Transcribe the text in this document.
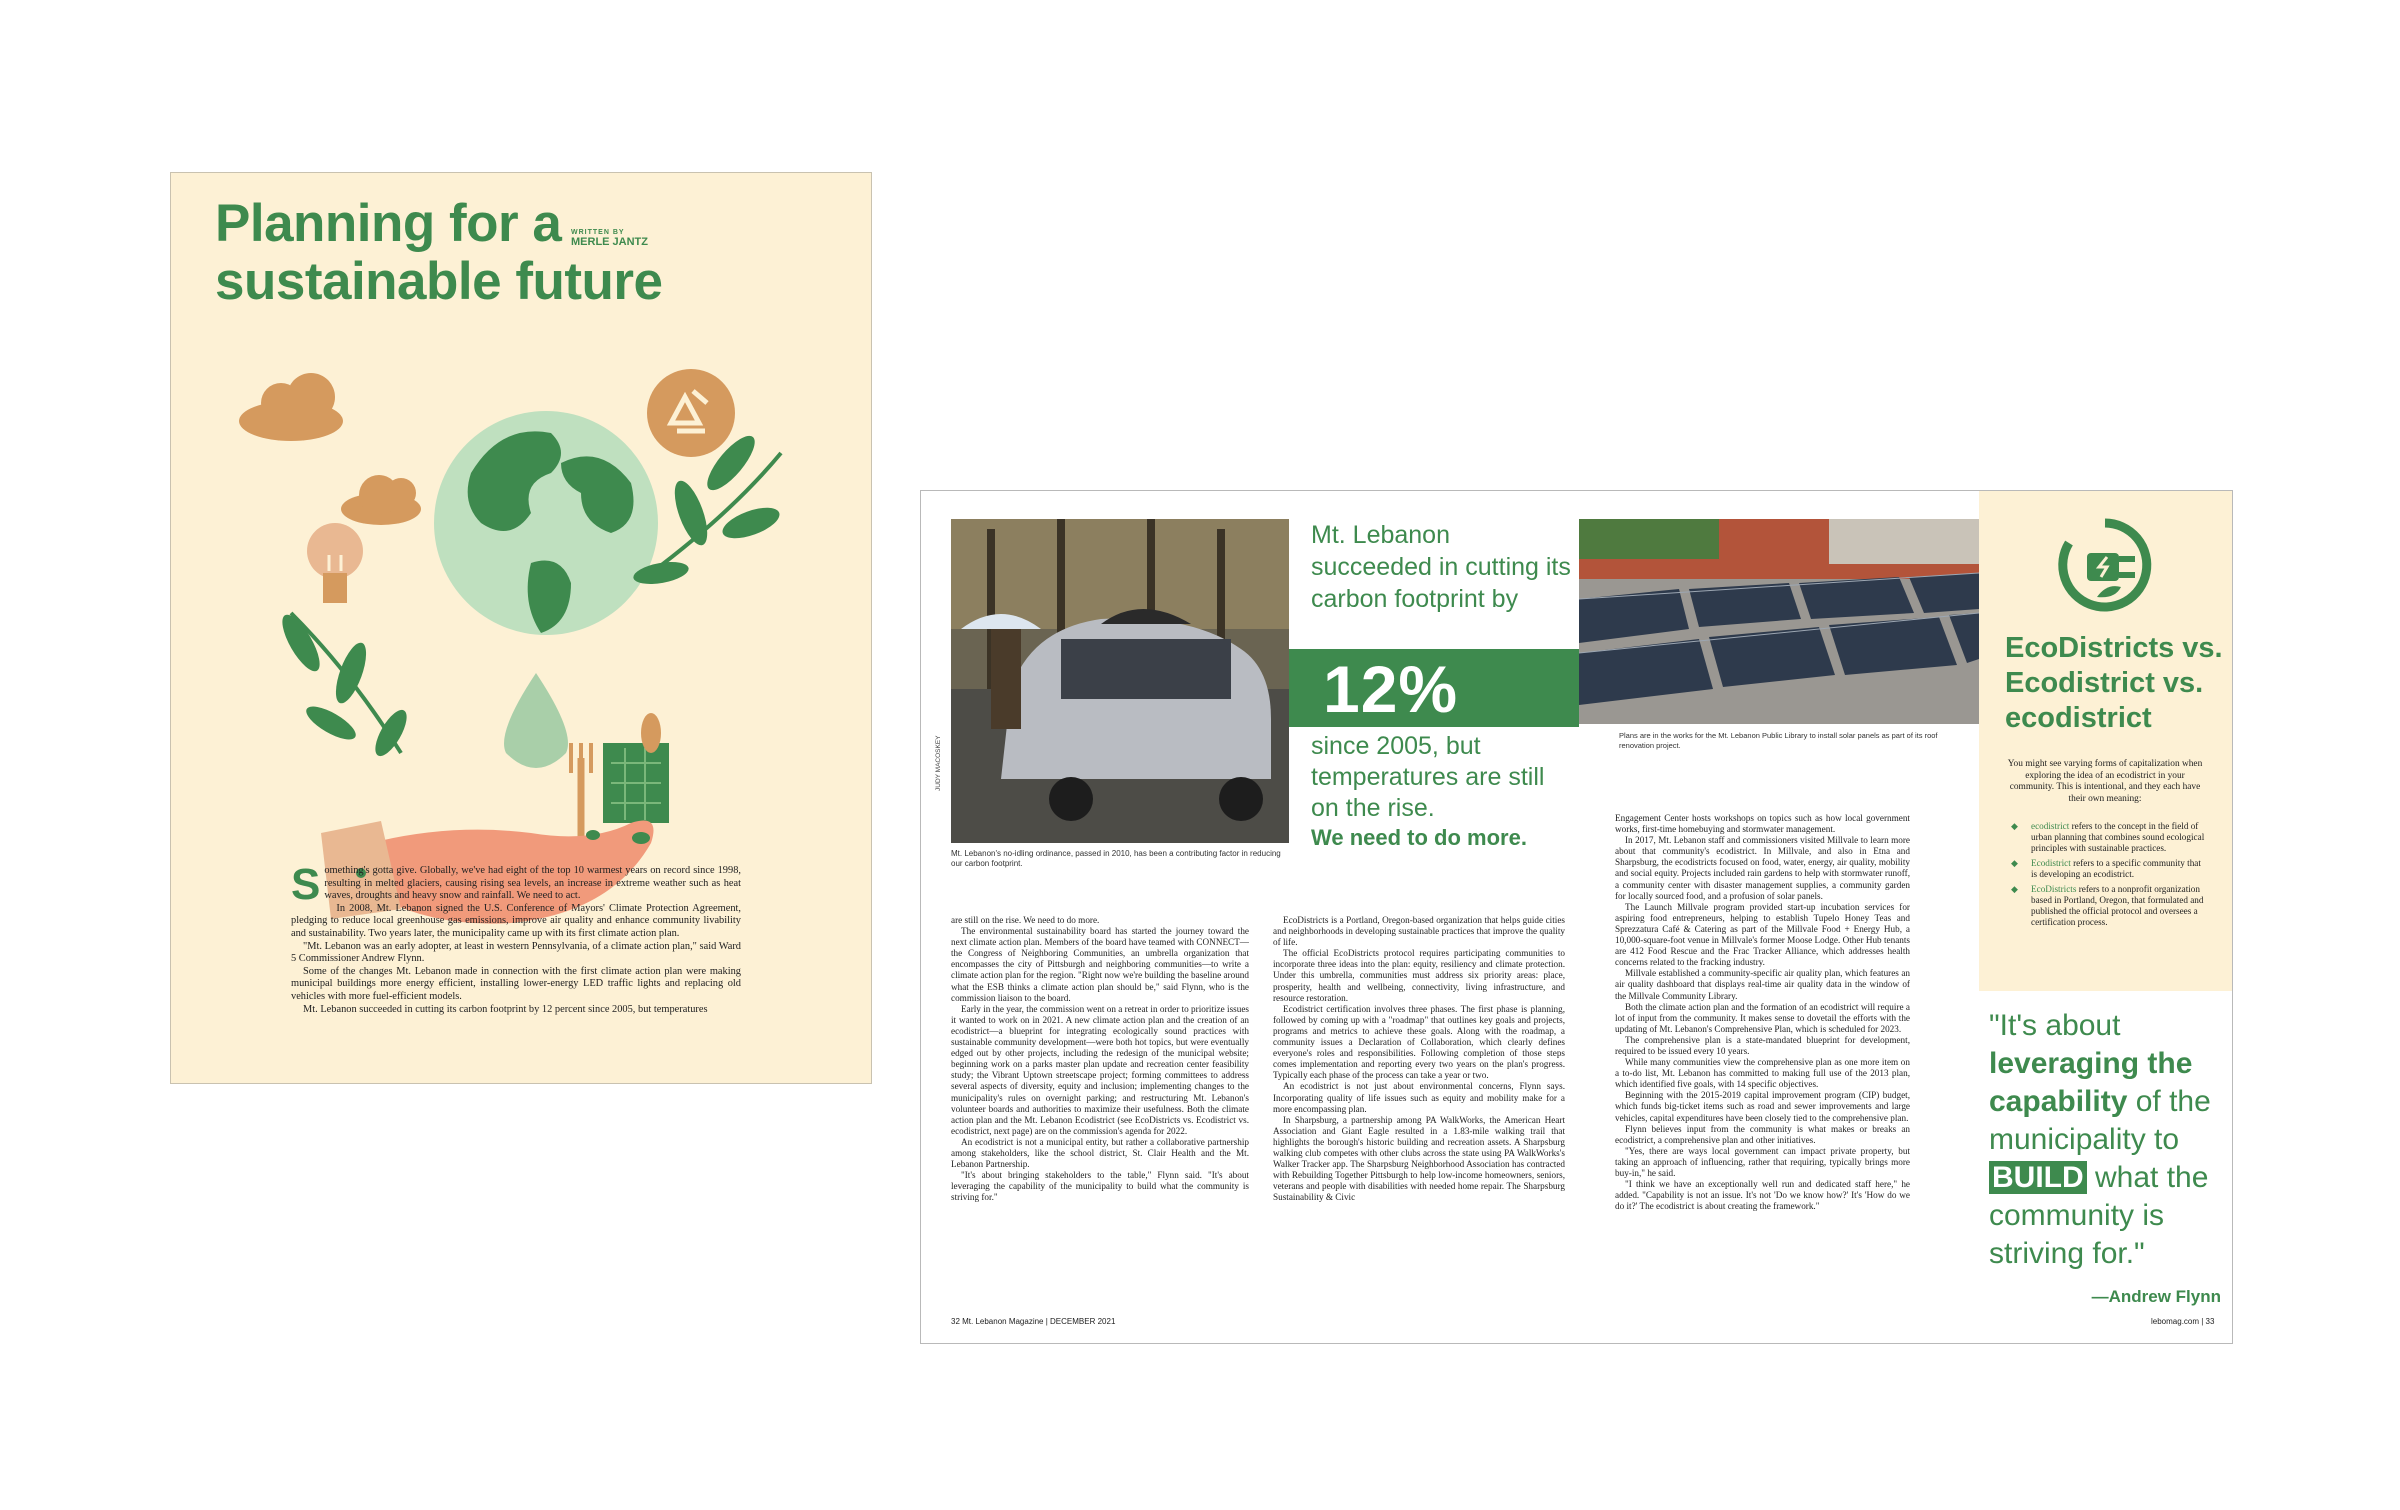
Planning for a sustainable future
WRITTEN BY
MERLE JANTZ

Something's gotta give. Globally, we've had eight of the top 10 warmest years on record since 1998, resulting in melted glaciers, causing rising sea levels, an increase in extreme weather such as heat waves, droughts and heavy snow and rainfall. We need to act.

In 2008, Mt. Lebanon signed the U.S. Conference of Mayors' Climate Protection Agreement, pledging to reduce local greenhouse gas emissions, improve air quality and enhance community livability and sustainability. Two years later, the municipality came up with its first climate action plan.

"Mt. Lebanon was an early adopter, at least in western Pennsylvania, of a climate action plan," said Ward 5 Commissioner Andrew Flynn.

Some of the changes Mt. Lebanon made in connection with the first climate action plan were making municipal buildings more energy efficient, installing lower-energy LED traffic lights and replacing old vehicles with more fuel-efficient models.

Mt. Lebanon succeeded in cutting its carbon footprint by 12 percent since 2005, but temperatures

JUDY MACOSKEY
Mt. Lebanon's no-idling ordinance, passed in 2010, has been a contributing factor in reducing our carbon footprint.
Mt. Lebanon succeeded in cutting its carbon footprint by
12%
since 2005, but temperatures are still on the rise.
We need to do more.
Plans are in the works for the Mt. Lebanon Public Library to install solar panels as part of its roof renovation project.

are still on the rise. We need to do more.

The environmental sustainability board has started the journey toward the next climate action plan. Members of the board have teamed with CONNECT—the Congress of Neighboring Communities, an umbrella organization that encompasses the city of Pittsburgh and neighboring communities—to write a climate action plan for the region. "Right now we're building the baseline around what the ESB thinks a climate action plan should be," said Flynn, who is the commission liaison to the board.

Early in the year, the commission went on a retreat in order to prioritize issues it wanted to work on in 2021. A new climate action plan and the creation of an ecodistrict—a blueprint for integrating ecologically sound practices with sustainable community development—were both hot topics, but were eventually edged out by other projects, including the redesign of the municipal website; beginning work on a parks master plan update and recreation center feasibility study; the Vibrant Uptown streetscape project; forming committees to address several aspects of diversity, equity and inclusion; implementing changes to the municipality's rules on overnight parking; and restructuring Mt. Lebanon's volunteer boards and authorities to maximize their usefulness. Both the climate action plan and the Mt. Lebanon Ecodistrict (see EcoDistricts vs. Ecodistrict vs. ecodistrict, next page) are on the commission's agenda for 2022.

An ecodistrict is not a municipal entity, but rather a collaborative partnership among stakeholders, like the school district, St. Clair Health and the Mt. Lebanon Partnership.

"It's about bringing stakeholders to the table," Flynn said. "It's about leveraging the capability of the municipality to build what the community is striving for."

EcoDistricts is a Portland, Oregon-based organization that helps guide cities and neighborhoods in developing sustainable practices that improve the quality of life.

The official EcoDistricts protocol requires participating communities to incorporate three ideas into the plan: equity, resiliency and climate protection. Under this umbrella, communities must address six priority areas: place, prosperity, health and wellbeing, connectivity, living infrastructure, and resource restoration.

Ecodistrict certification involves three phases. The first phase is planning, followed by coming up with a "roadmap" that outlines key goals and projects, programs and metrics to achieve these goals. Along with the roadmap, a community issues a Declaration of Collaboration, which clearly defines everyone's roles and responsibilities. Following completion of those steps comes implementation and reporting every two years on the plan's progress. Typically each phase of the process can take a year or two.

An ecodistrict is not just about environmental concerns, Flynn says. Incorporating quality of life issues such as equity and mobility make for a more encompassing plan.

In Sharpsburg, a partnership among PA WalkWorks, the American Heart Association and Giant Eagle resulted in a 1.83-mile walking trail that highlights the borough's historic building and recreation assets. A Sharpsburg walking club competes with other clubs across the state using PA WalkWorks's Walker Tracker app. The Sharpsburg Neighborhood Association has contracted with Rebuilding Together Pittsburgh to help low-income homeowners, seniors, veterans and people with disabilities with needed home repair. The Sharpsburg Sustainability & Civic

Engagement Center hosts workshops on topics such as how local government works, first-time homebuying and stormwater management.

In 2017, Mt. Lebanon staff and commissioners visited Millvale to learn more about that community's ecodistrict. In Millvale, and also in Etna and Sharpsburg, the ecodistricts focused on food, water, energy, air quality, mobility and social equity. Projects included rain gardens to help with stormwater runoff, a community center with disaster management supplies, a community garden for locally sourced food, and a profusion of solar panels.

The Launch Millvale program provided start-up incubation services for aspiring food entrepreneurs, helping to establish Tupelo Honey Teas and Sprezzatura Café & Catering as part of the Millvale Food + Energy Hub, a 10,000-square-foot venue in Millvale's former Moose Lodge. Other Hub tenants are 412 Food Rescue and the Frac Tracker Alliance, which addresses health concerns related to the fracking industry.

Millvale established a community-specific air quality plan, which features an air quality dashboard that displays real-time air quality data in the window of the Millvale Community Library.

Both the climate action plan and the formation of an ecodistrict will require a lot of input from the community. It makes sense to dovetail the efforts with the updating of Mt. Lebanon's Comprehensive Plan, which is scheduled for 2023.

The comprehensive plan is a state-mandated blueprint for development, required to be issued every 10 years.

While many communities view the comprehensive plan as one more item on a to-do list, Mt. Lebanon has committed to making full use of the 2013 plan, which identified five goals, with 14 specific objectives.

Beginning with the 2015-2019 capital improvement program (CIP) budget, which funds big-ticket items such as road and sewer improvements and large vehicles, capital expenditures have been closely tied to the comprehensive plan.

Flynn believes input from the community is what makes or breaks an ecodistrict, a comprehensive plan and other initiatives.

"Yes, there are ways local government can impact private property, but taking an approach of influencing, rather that requiring, typically brings more buy-in," he said.

"I think we have an exceptionally well run and dedicated staff here," he added. "Capability is not an issue. It's not 'Do we know how?' It's 'How do we do it?' The ecodistrict is about creating the framework."

EcoDistricts vs. Ecodistrict vs. ecodistrict
You might see varying forms of capitalization when exploring the idea of an ecodistrict in your community. This is intentional, and they each have their own meaning:
◆ ecodistrict refers to the concept in the field of urban planning that combines sound ecological principles with sustainable practices.
◆ Ecodistrict refers to a specific community that is developing an ecodistrict.
◆ EcoDistricts refers to a nonprofit organization based in Portland, Oregon, that formulated and published the official protocol and oversees a certification process.
"It's about leveraging the capability of the municipality to BUILD what the community is striving for."
—Andrew Flynn
32 Mt. Lebanon Magazine | DECEMBER 2021	lebomag.com | 33
